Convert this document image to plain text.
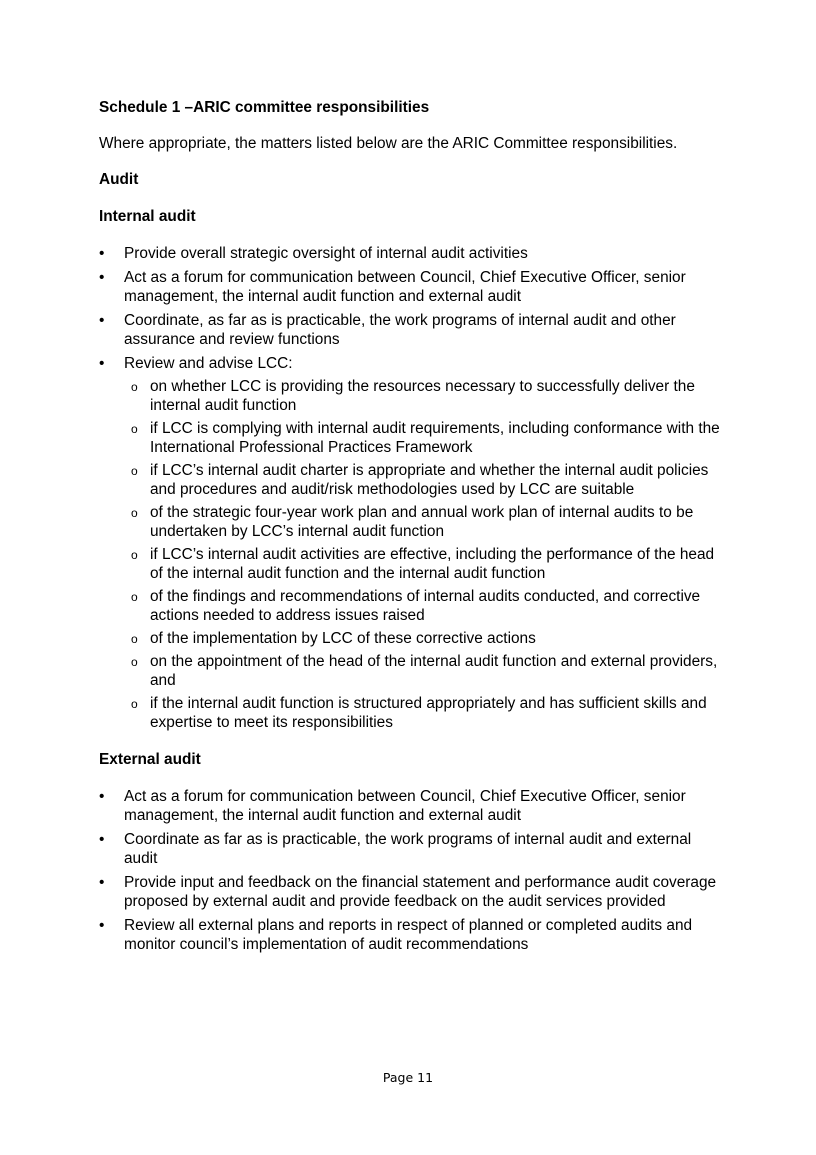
Schedule 1 –ARIC committee responsibilities

Where appropriate, the matters listed below are the ARIC Committee responsibilities.

Audit

Internal audit

• Provide overall strategic oversight of internal audit activities
• Act as a forum for communication between Council, Chief Executive Officer, senior management, the internal audit function and external audit
• Coordinate, as far as is practicable, the work programs of internal audit and other assurance and review functions
• Review and advise LCC:
o on whether LCC is providing the resources necessary to successfully deliver the internal audit function
o if LCC is complying with internal audit requirements, including conformance with the International Professional Practices Framework
o if LCC’s internal audit charter is appropriate and whether the internal audit policies and procedures and audit/risk methodologies used by LCC are suitable
o of the strategic four-year work plan and annual work plan of internal audits to be undertaken by LCC’s internal audit function
o if LCC’s internal audit activities are effective, including the performance of the head of the internal audit function and the internal audit function
o of the findings and recommendations of internal audits conducted, and corrective actions needed to address issues raised
o of the implementation by LCC of these corrective actions
o on the appointment of the head of the internal audit function and external providers, and
o if the internal audit function is structured appropriately and has sufficient skills and expertise to meet its responsibilities

External audit

• Act as a forum for communication between Council, Chief Executive Officer, senior management, the internal audit function and external audit
• Coordinate as far as is practicable, the work programs of internal audit and external audit
• Provide input and feedback on the financial statement and performance audit coverage proposed by external audit and provide feedback on the audit services provided
• Review all external plans and reports in respect of planned or completed audits and monitor council’s implementation of audit recommendations
Page 11
